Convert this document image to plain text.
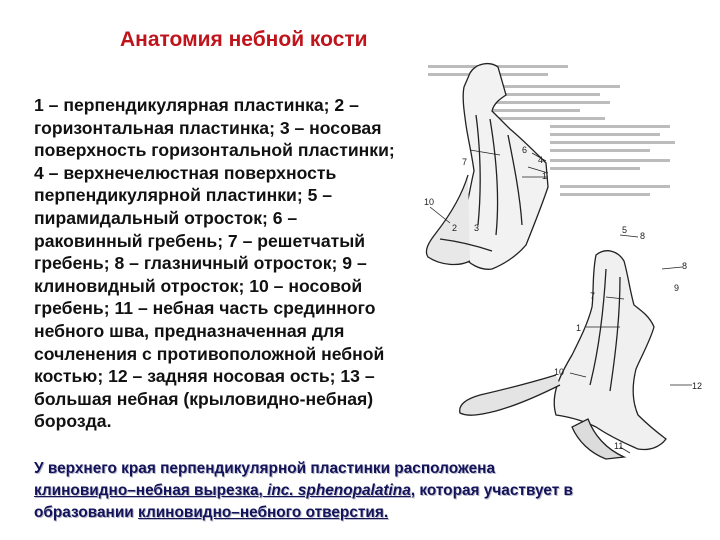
Анатомия небной кости
1 – перпендикулярная пластинка; 2 –
горизонтальная пластинка; 3 – носовая
поверхность горизонтальной пластинки;
4 – верхнечелюстная поверхность
перпендикулярной пластинки; 5 –
пирамидальный отросток; 6 –
раковинный гребень; 7 – решетчатый
гребень; 8 – глазничный отросток; 9 –
клиновидный отросток; 10 – носовой
гребень; 11 – небная часть срединного
небного шва, предназначенная для
сочленения с противоположной небной
костью; 12 – задняя носовая ость; 13 –
большая небная (крыловидно-небная)
борозда.
7
6
4
1
10
2 3	5
8
8
9
7
1
10
12
11
У верхнего края перпендикулярной пластинки расположена
клиновидно–небная вырезка, inc. sphenopalatina, которая участвует в
образовании клиновидно–небного отверстия.
